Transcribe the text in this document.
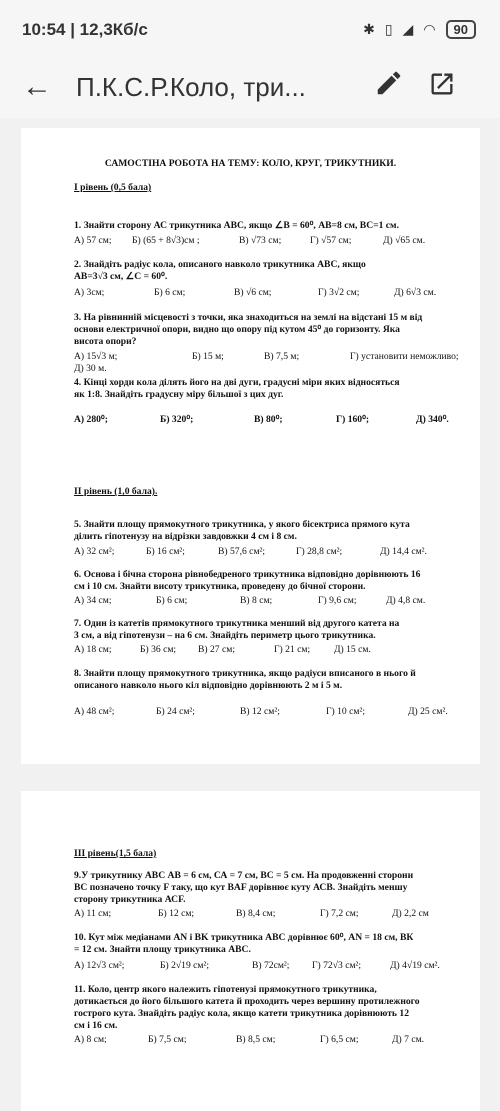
10:54 | 12,3Кб/с	✱ ▯ ◢ ◠	90
← П.К.С.Р.Коло, три...
САМОСТІНА РОБОТА НА ТЕМУ: КОЛО, КРУГ, ТРИКУТНИКИ.
І рівень (0,5 бала)
1. Знайти сторону АС трикутника АВС, якщо ∠B = 60⁰, АВ=8 см, ВС=1 см.
А) 57 см; Б) (65 + 8√3)см ;	В) √73 см;	Г) √57 см;	Д) √65 см.
2. Знайдіть радіус кола, описаного навколо трикутника АВС, якщо
АВ=3√3 см, ∠C = 60⁰.
А) 3см;	Б) 6 см;	В) √6 см;	Г) 3√2 см;	Д) 6√3 см.
3. На рівнинній місцевості з точки, яка знаходиться на землі на відстані 15 м від
основи електричної опори, видно що опору під кутом 45⁰ до горизонту. Яка
висота опори?
А) 15√3 м;	Б) 15 м;	В) 7,5 м;	Г) установити неможливо;
Д) 30 м.
4. Кінці хорди кола ділять його на дві дуги, градусні міри яких відносяться
як 1:8. Знайдіть градусну міру більшої з цих дуг.
А) 280⁰;	Б) 320⁰;	В) 80⁰;	Г) 160⁰;	Д) 340⁰.
ІІ рівень (1,0 бала).
5. Знайти площу прямокутного трикутника, у якого бісектриса прямого кута
ділить гіпотенузу на відрізки завдовжки 4 см і 8 см.
А) 32 см²;	Б) 16 см²;	В) 57,6 см²;	Г) 28,8 см²;	Д) 14,4 см².
6. Основа і бічна сторона рівнобедреного трикутника відповідно дорівнюють 16
см і 10 см. Знайти висоту трикутника, проведену до бічної сторони.
А) 34 см;	Б) 6 см;	В) 8 см;	Г) 9,6 см;	Д) 4,8 см.
7. Один із катетів прямокутного трикутника менший від другого катета на
3 см, а від гіпотенузи – на 6 см. Знайдіть периметр цього трикутника.
А) 18 см;	Б) 36 см; В) 27 см;	Г) 21 см; Д) 15 см.
8. Знайти площу прямокутного трикутника, якщо радіуси вписаного в нього й
описаного навколо нього кіл відповідно дорівнюють 2 м і 5 м.
А) 48 см²;	Б) 24 см²;	В) 12 см²;	Г) 10 см²;	Д) 25 см².
ІІІ рівень(1,5 бала)
9.У трикутнику АВС АВ = 6 см, СА = 7 см, ВС = 5 см. На продовженні сторони
ВС позначено точку F таку, що кут BAF дорівнює куту АСВ. Знайдіть меншу
сторону трикутника АСF.
А) 11 см;	Б) 12 см;	В) 8,4 см;	Г) 7,2 см;	Д) 2,2 см
10. Кут між медіанами AN і BK трикутника АВС дорівнює 60⁰, AN = 18 см, ВК
= 12 см. Знайти площу трикутника АВС.
А) 12√3 см²;	Б) 2√19 см²;	В) 72см²; Г) 72√3 см²;	Д) 4√19 см².
11. Коло, центр якого належить гіпотенузі прямокутного трикутника,
дотикається до його більшого катета й проходить через вершину протилежного
гострого кута. Знайдіть радіус кола, якщо катети трикутника дорівнюють 12
см і 16 см.
А) 8 см;	Б) 7,5 см;	В) 8,5 см;	Г) 6,5 см;	Д) 7 см.
